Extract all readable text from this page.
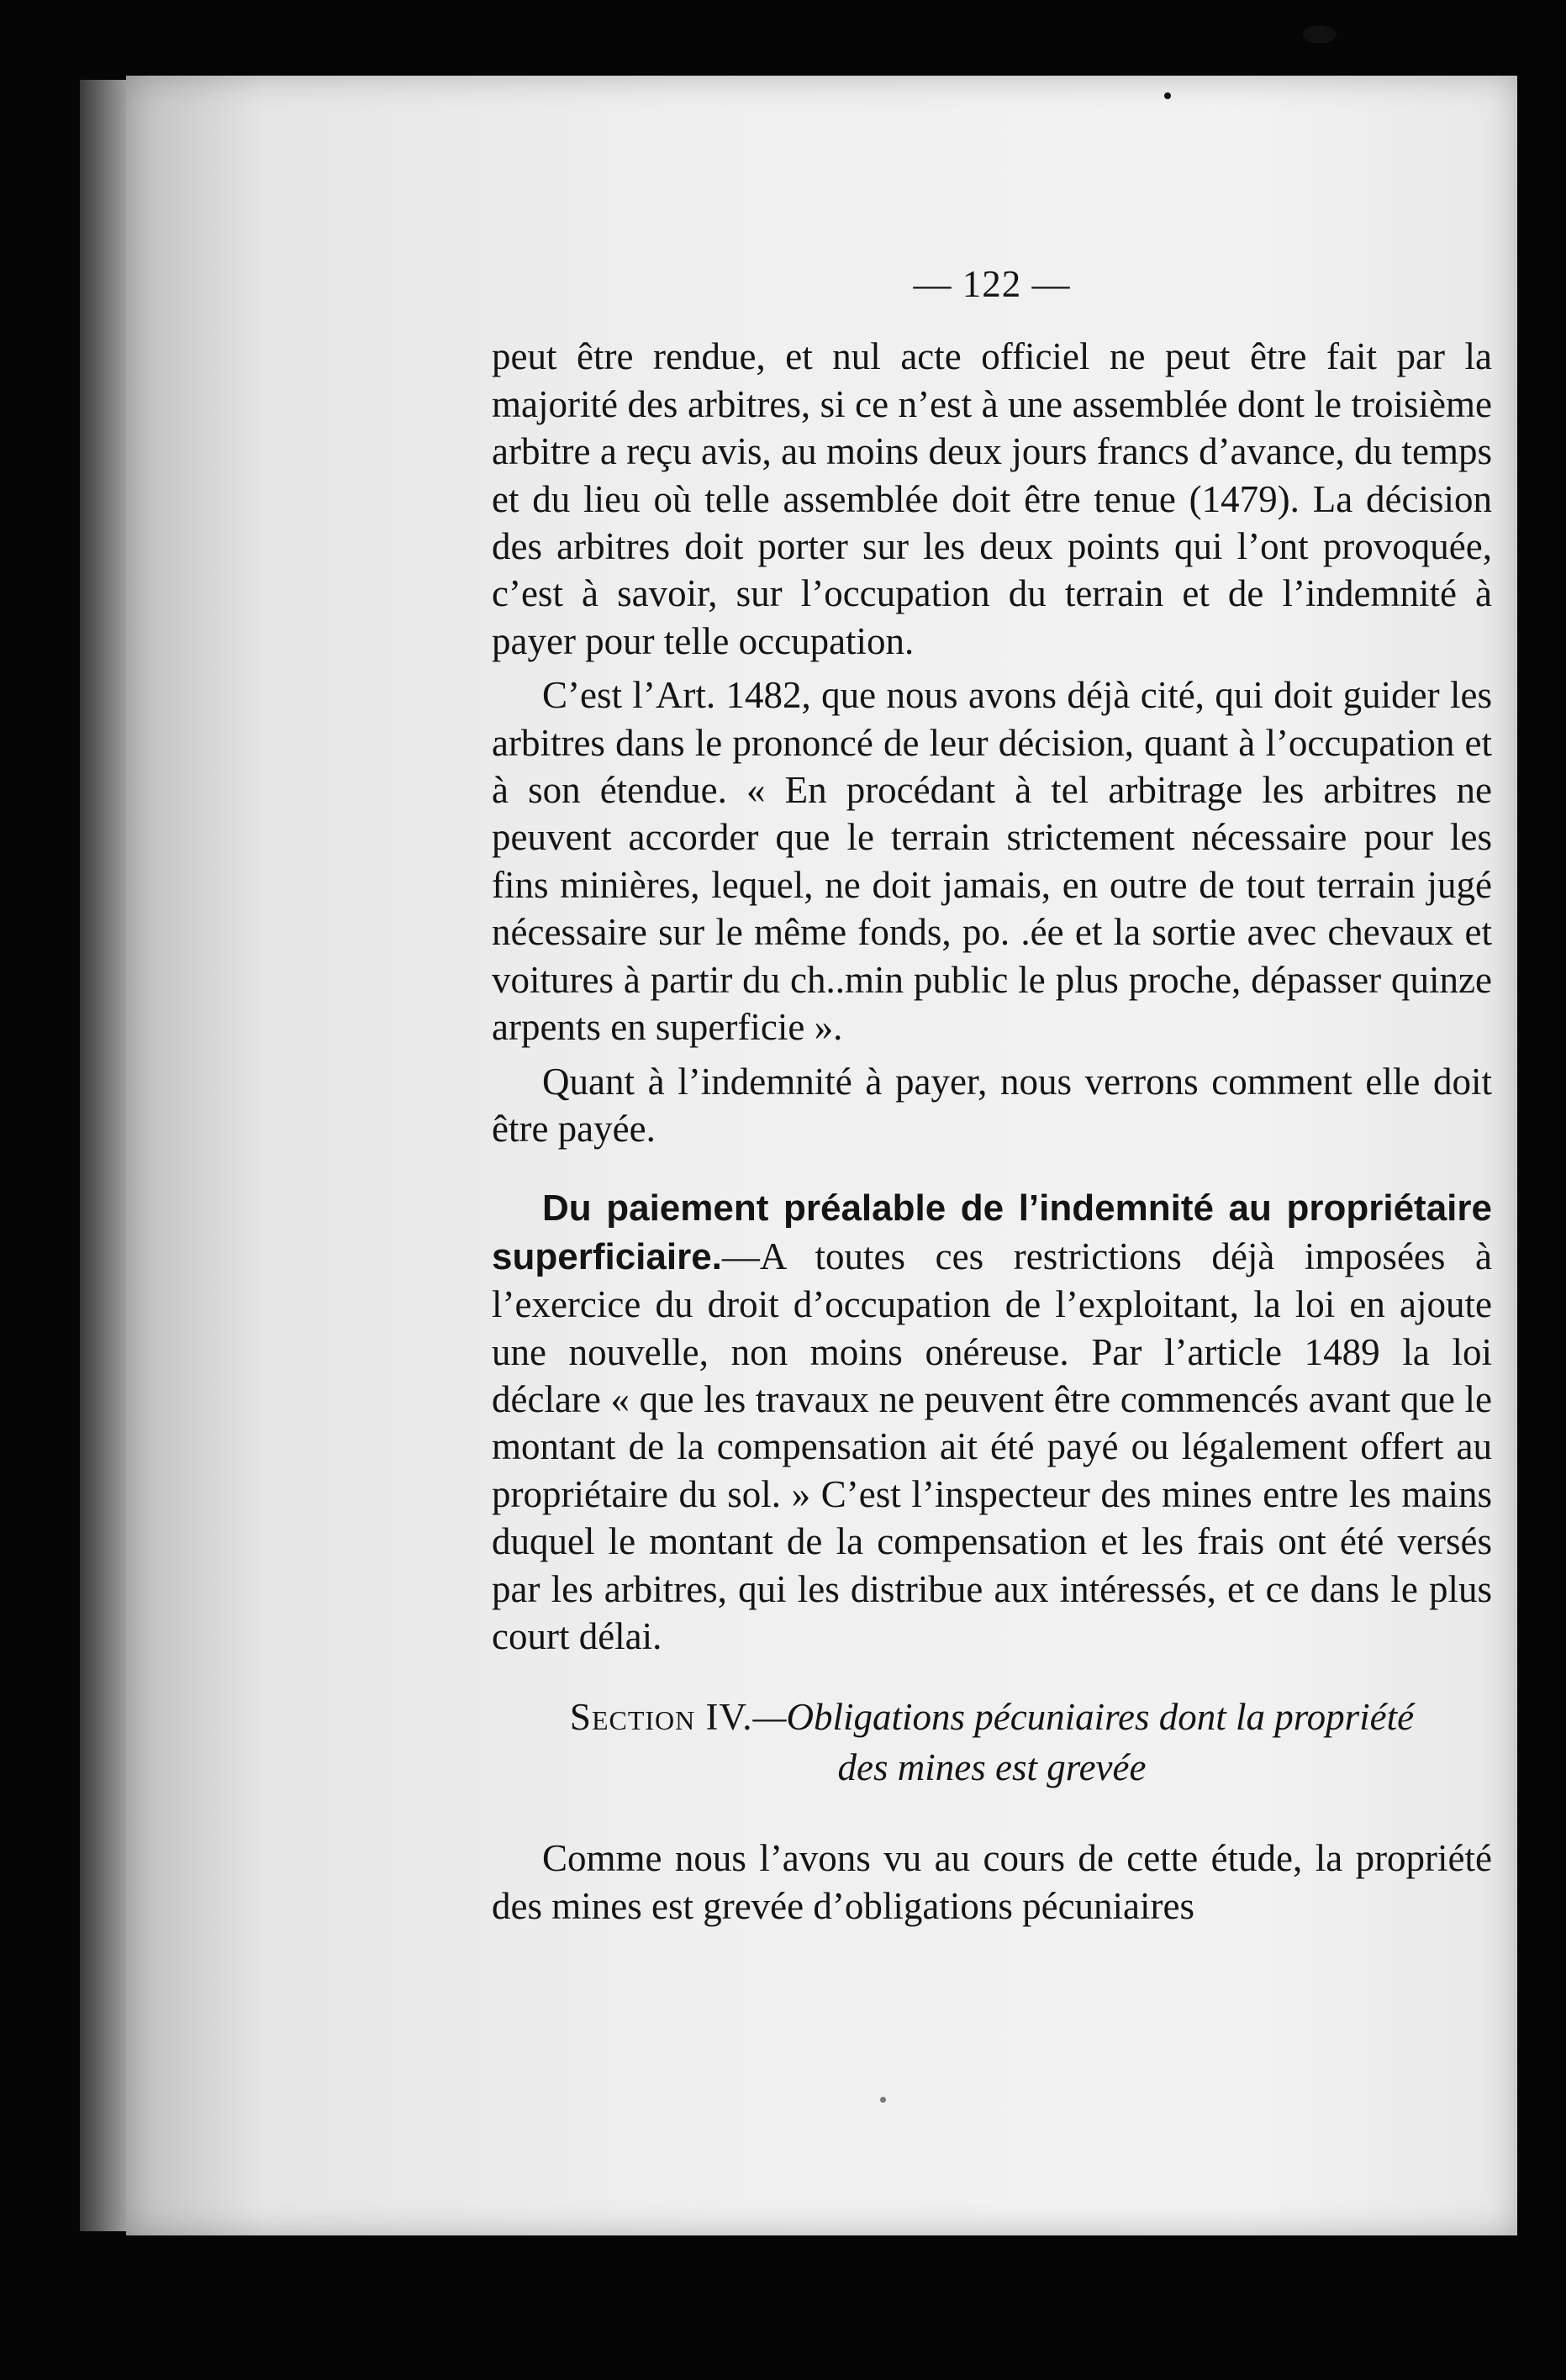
— 122 —

peut être rendue, et nul acte officiel ne peut être fait par la majorité des arbitres, si ce n’est à une assemblée dont le troisième arbitre a reçu avis, au moins deux jours francs d’avance, du temps et du lieu où telle assemblée doit être tenue (1479). La décision des arbitres doit porter sur les deux points qui l’ont provoquée, c’est à savoir, sur l’occupation du terrain et de l’indemnité à payer pour telle occupation.

C’est l’Art. 1482, que nous avons déjà cité, qui doit guider les arbitres dans le prononcé de leur décision, quant à l’occupation et à son étendue. « En procédant à tel arbitrage les arbitres ne peuvent accorder que le terrain strictement nécessaire pour les fins minières, lequel, ne doit jamais, en outre de tout terrain jugé nécessaire sur le même fonds, po. .ée et la sortie avec chevaux et voitures à partir du ch..min public le plus proche, dépasser quinze arpents en superficie ».

Quant à l’indemnité à payer, nous verrons comment elle doit être payée.

Du paiement préalable de l’indemnité au propriétaire superficiaire.—A toutes ces restrictions déjà imposées à l’exercice du droit d’occupation de l’exploitant, la loi en ajoute une nouvelle, non moins onéreuse. Par l’article 1489 la loi déclare « que les travaux ne peuvent être commencés avant que le montant de la compensation ait été payé ou légalement offert au propriétaire du sol. » C’est l’inspecteur des mines entre les mains duquel le montant de la compensation et les frais ont été versés par les arbitres, qui les distribue aux intéressés, et ce dans le plus court délai.

Section IV.—Obligations pécuniaires dont la propriété
des mines est grevée

Comme nous l’avons vu au cours de cette étude, la propriété des mines est grevée d’obligations pécuniaires
